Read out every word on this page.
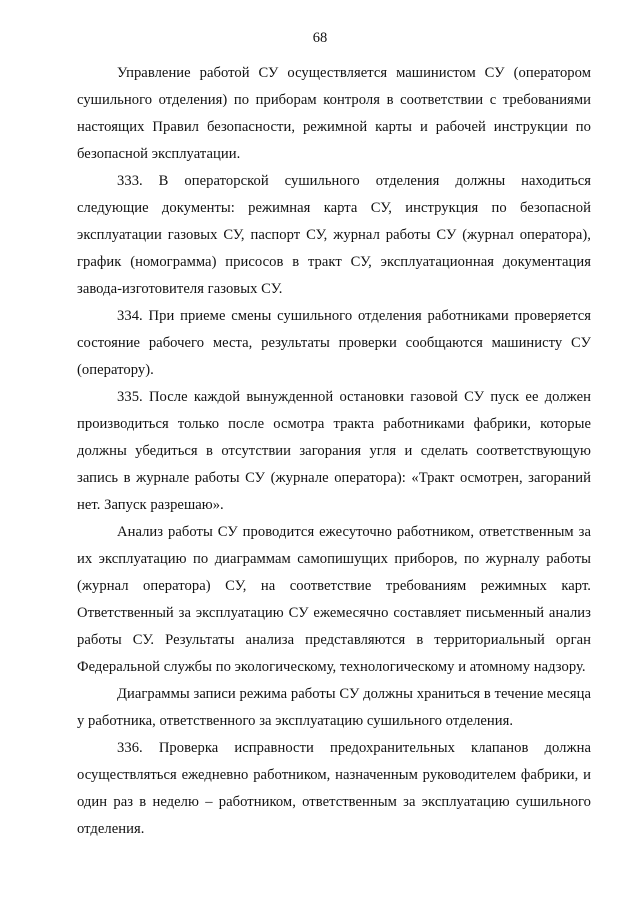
68

Управление работой СУ осуществляется машинистом СУ (оператором сушильного отделения) по приборам контроля в соответствии с требованиями настоящих Правил безопасности, режимной карты и рабочей инструкции по безопасной эксплуатации.

333. В операторской сушильного отделения должны находиться следующие документы: режимная карта СУ, инструкция по безопасной эксплуатации газовых СУ, паспорт СУ, журнал работы СУ (журнал оператора), график (номограмма) присосов в тракт СУ, эксплуатационная документация завода-изготовителя газовых СУ.

334. При приеме смены сушильного отделения работниками проверяется состояние рабочего места, результаты проверки сообщаются машинисту СУ (оператору).

335. После каждой вынужденной остановки газовой СУ пуск ее должен производиться только после осмотра тракта работниками фабрики, которые должны убедиться в отсутствии загорания угля и сделать соответствующую запись в журнале работы СУ (журнале оператора): «Тракт осмотрен, загораний нет. Запуск разрешаю».

Анализ работы СУ проводится ежесуточно работником, ответственным за их эксплуатацию по диаграммам самопишущих приборов, по журналу работы (журнал оператора) СУ, на соответствие требованиям режимных карт. Ответственный за эксплуатацию СУ ежемесячно составляет письменный анализ работы СУ. Результаты анализа представляются в территориальный орган Федеральной службы по экологическому, технологическому и атомному надзору.

Диаграммы записи режима работы СУ должны храниться в течение месяца у работника, ответственного за эксплуатацию сушильного отделения.

336. Проверка исправности предохранительных клапанов должна осуществляться ежедневно работником, назначенным руководителем фабрики, и один раз в неделю – работником, ответственным за эксплуатацию сушильного отделения.
